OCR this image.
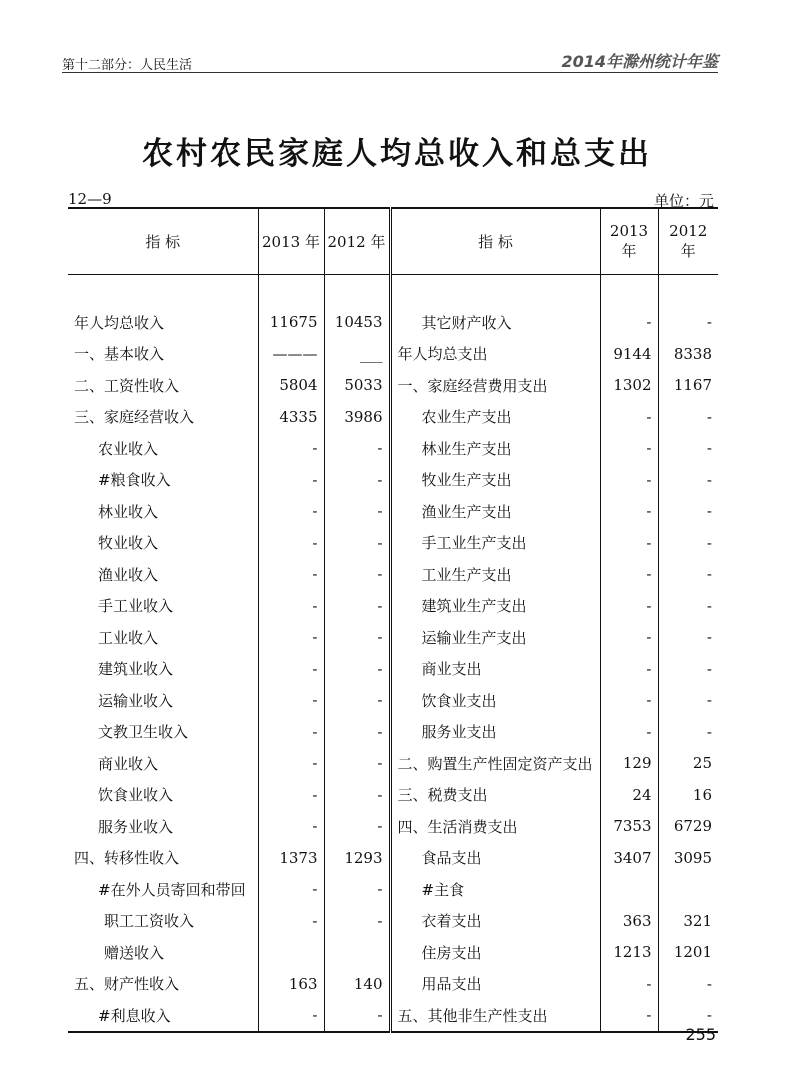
第十二部分：人民生活	2014年滁州统计年鉴
农村农民家庭人均总收入和总支出
12—9	单位：元
指 标	2013 年	2012 年	指 标	2013 年	2012 年

年人均总收入	11675	10453	其它财产收入	-	-
一、基本收入	———	___	年人均总支出	9144	8338
二、工资性收入	5804	5033	一、家庭经营费用支出	1302	1167
三、家庭经营收入	4335	3986	农业生产支出	-	-
农业收入	-	-	林业生产支出	-	-
#粮食收入	-	-	牧业生产支出	-	-
林业收入	-	-	渔业生产支出	-	-
牧业收入	-	-	手工业生产支出	-	-
渔业收入	-	-	工业生产支出	-	-
手工业收入	-	-	建筑业生产支出	-	-
工业收入	-	-	运输业生产支出	-	-
建筑业收入	-	-	商业支出	-	-
运输业收入	-	-	饮食业支出	-	-
文教卫生收入	-	-	服务业支出	-	-
商业收入	-	-	二、购置生产性固定资产支出	129	25
饮食业收入	-	-	三、税费支出	24	16
服务业收入	-	-	四、生活消费支出	7353	6729
四、转移性收入	1373	1293	食品支出	3407	3095
#在外人员寄回和带回	-	-	#主食		
职工工资收入	-	-	衣着支出	363	321
赠送收入			住房支出	1213	1201
五、财产性收入	163	140	用品支出	-	-
#利息收入	-	-	五、其他非生产性支出	-	-
255
